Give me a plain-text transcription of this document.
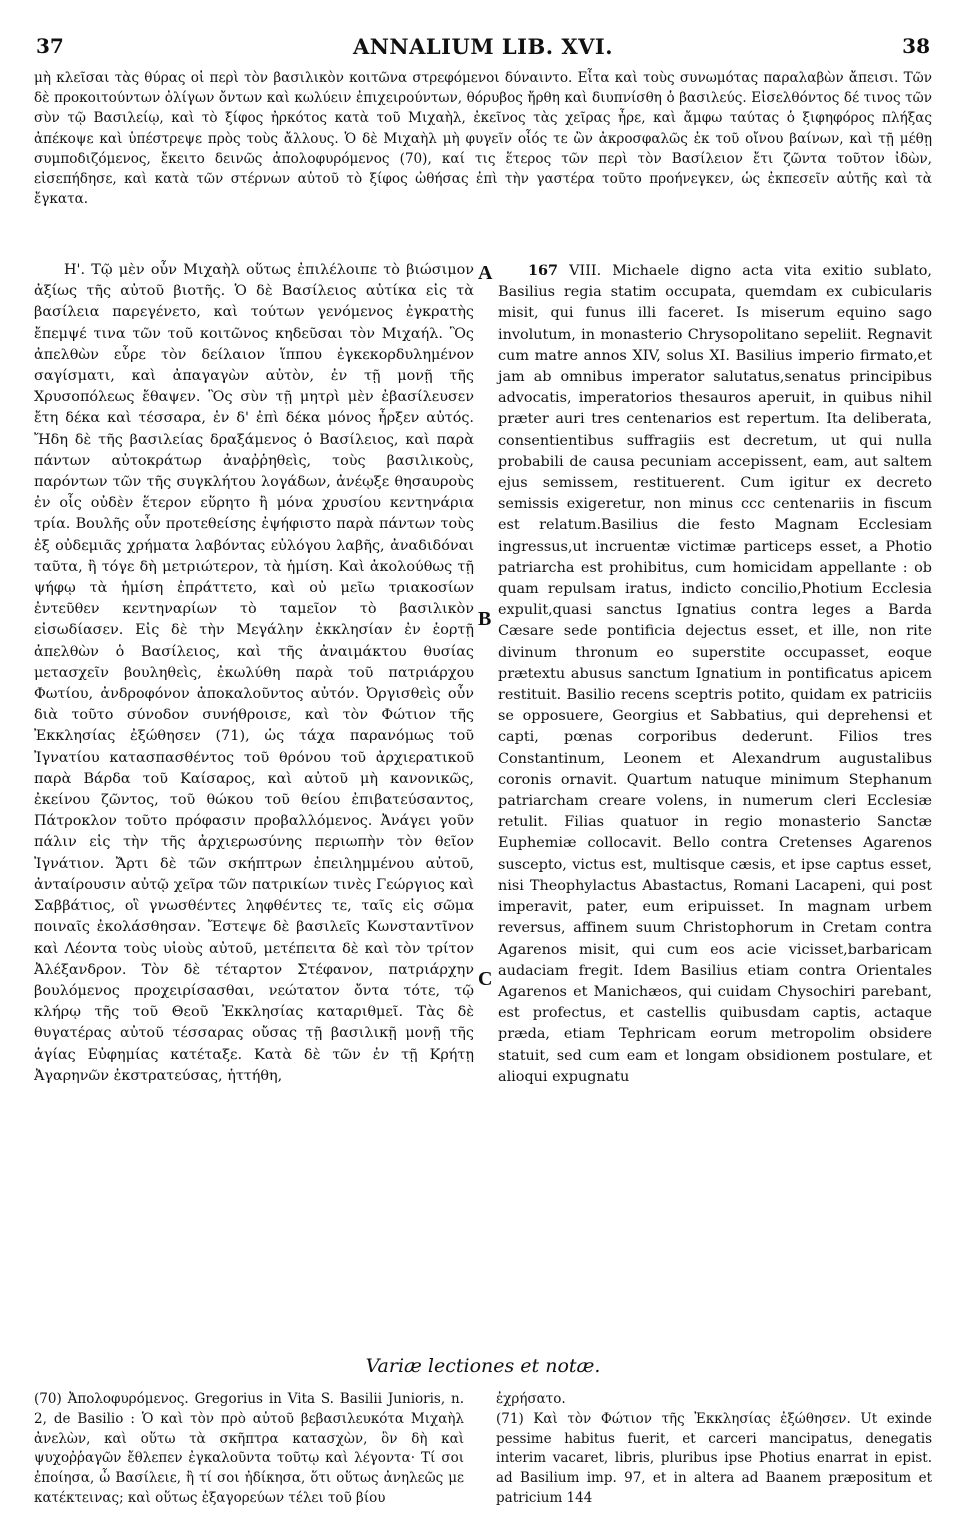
37	ANNALIUM LIB. XVI.	38

μὴ κλεῖσαι τὰς θύρας οἱ περὶ τὸν βασιλικὸν κοιτῶνα στρεφόμενοι δύναιντο. Εἶτα καὶ τοὺς συνωμότας παραλαβὼν ἄπεισι. Τῶν δὲ προκοιτούντων ὀλίγων ὄντων καὶ κωλύειν ἐπιχειρούντων, θόρυβος ἤρθη καὶ διυπνίσθη ὁ βασιλεύς. Εἰσελθόντος δέ τινος τῶν σὺν τῷ Βασιλείῳ, καὶ τὸ ξίφος ἠρκότος κατὰ τοῦ Μιχαὴλ, ἐκεῖνος τὰς χεῖρας ἦρε, καὶ ἄμφω ταύτας ὁ ξιφηφόρος πλήξας ἀπέκοψε καὶ ὑπέστρεψε πρὸς τοὺς ἄλλους. Ὁ δὲ Μιχαὴλ μὴ φυγεῖν οἷός τε ὢν ἀκροσφαλῶς ἐκ τοῦ οἴνου βαίνων, καὶ τῇ μέθῃ συμποδιζόμενος, ἔκειτο δεινῶς ἀπολοφυρόμενος (70), καί τις ἕτερος τῶν περὶ τὸν Βασίλειον ἔτι ζῶντα τοῦτον ἰδὼν, εἰσεπήδησε, καὶ κατὰ τῶν στέρνων αὐτοῦ τὸ ξίφος ὠθήσας ἐπὶ τὴν γαστέρα τοῦτο προήνεγκεν, ὡς ἐκπεσεῖν αὐτῆς καὶ τὰ ἔγκατα.

Η'. Τῷ μὲν οὖν Μιχαὴλ οὕτως ἐπιλέλοιπε τὸ βιώσιμον ἀξίως τῆς αὐτοῦ βιοτῆς. Ὁ δὲ Βασίλειος αὐτίκα εἰς τὰ βασίλεια παρεγένετο, καὶ τούτων γενόμενος ἐγκρατὴς ἔπεμψέ τινα τῶν τοῦ κοιτῶνος κηδεῦσαι τὸν Μιχαήλ. Ὃς ἀπελθὼν εὗρε τὸν δείλαιον ἵππου ἐγκεκορδυλημένον σαγίσματι, καὶ ἀπαγαγὼν αὐτὸν, ἐν τῇ μονῇ τῆς Χρυσοπόλεως ἔθαψεν. Ὃς σὺν τῇ μητρὶ μὲν ἐβασίλευσεν ἔτη δέκα καὶ τέσσαρα, ἐν δ' ἐπὶ δέκα μόνος ἦρξεν αὐτός. Ἤδη δὲ τῆς βασιλείας δραξάμενος ὁ Βασίλειος, καὶ παρὰ πάντων αὐτοκράτωρ ἀναῤῥηθεὶς, τοὺς βασιλικοὺς, παρόντων τῶν τῆς συγκλήτου λογάδων, ἀνέῳξε θησαυροὺς ἐν οἷς οὐδὲν ἕτερον εὕρητο ἢ μόνα χρυσίου κεντηνάρια τρία. Βουλῆς οὖν προτεθείσης ἐψήφιστο παρὰ πάντων τοὺς ἐξ οὐδεμιᾶς χρήματα λαβόντας εὐλόγου λαβῆς, ἀναδιδόναι ταῦτα, ἢ τόγε δὴ μετριώτερον, τὰ ἡμίση. Καὶ ἀκολούθως τῇ ψήφῳ τὰ ἡμίση ἐπράττετο, καὶ οὐ μεῖω τριακοσίων ἐντεῦθεν κεντηναρίων τὸ ταμεῖον τὸ βασιλικὸν εἰσωδίασεν. Εἰς δὲ τὴν Μεγάλην ἐκκλησίαν ἐν ἑορτῇ ἀπελθὼν ὁ Βασίλειος, καὶ τῆς ἀναιμάκτου θυσίας μετασχεῖν βουληθεὶς, ἐκωλύθη παρὰ τοῦ πατριάρχου Φωτίου, ἀνδροφόνον ἀποκαλοῦντος αὐτόν. Ὀργισθεὶς οὖν διὰ τοῦτο σύνοδον συνήθροισε, καὶ τὸν Φώτιον τῆς Ἐκκλησίας ἐξώθησεν (71), ὡς τάχα παρανόμως τοῦ Ἰγνατίου κατασπασθέντος τοῦ θρόνου τοῦ ἀρχιερατικοῦ παρὰ Βάρδα τοῦ Καίσαρος, καὶ αὐτοῦ μὴ κανονικῶς, ἐκείνου ζῶντος, τοῦ θώκου τοῦ θείου ἐπιβατεύσαντος, Πάτροκλον τοῦτο πρόφασιν προβαλλόμενος. Ἀνάγει γοῦν πάλιν εἰς τὴν τῆς ἀρχιερωσύνης περιωπὴν τὸν θεῖον Ἰγνάτιον. Ἄρτι δὲ τῶν σκήπτρων ἐπειλημμένου αὐτοῦ, ἀνταίρουσιν αὐτῷ χεῖρα τῶν πατρικίων τινὲς Γεώργιος καὶ Σαββάτιος, οἳ γνωσθέντες ληφθέντες τε, ταῖς εἰς σῶμα ποιναῖς ἐκολάσθησαν. Ἔστεψε δὲ βασιλεῖς Κωνσταντῖνον καὶ Λέοντα τοὺς υἱοὺς αὐτοῦ, μετέπειτα δὲ καὶ τὸν τρίτον Ἀλέξανδρον. Τὸν δὲ τέταρτον Στέφανον, πατριάρχην βουλόμενος προχειρίσασθαι, νεώτατον ὄντα τότε, τῷ κλήρῳ τῆς τοῦ Θεοῦ Ἐκκλησίας καταριθμεῖ. Τὰς δὲ θυγατέρας αὐτοῦ τέσσαρας οὔσας τῇ βασιλικῇ μονῇ τῆς ἁγίας Εὐφημίας κατέταξε. Κατὰ δὲ τῶν ἐν τῇ Κρήτῃ Ἀγαρηνῶν ἐκστρατεύσας, ἡττήθη,

A
B
C

167 VIII. Michaele digno acta vita exitio sublato, Basilius regia statim occupata, quemdam ex cubicularis misit, qui funus illi faceret. Is miserum equino sago involutum, in monasterio Chrysopolitano sepeliit. Regnavit cum matre annos XIV, solus XI. Basilius imperio firmato,et jam ab omnibus imperator salutatus,senatus principibus advocatis, imperatorios thesauros aperuit, in quibus nihil præter auri tres centenarios est repertum. Ita deliberata, consentientibus suffragiis est decretum, ut qui nulla probabili de causa pecuniam accepissent, eam, aut saltem ejus semissem, restituerent. Cum igitur ex decreto semissis exigeretur, non minus ccc centenariis in fiscum est relatum.Basilius die festo Magnam Ecclesiam ingressus,ut incruentæ victimæ particeps esset, a Photio patriarcha est prohibitus, cum homicidam appellante : ob quam repulsam iratus, indicto concilio,Photium Ecclesia expulit,quasi sanctus Ignatius contra leges a Barda Cæsare sede pontificia dejectus esset, et ille, non rite divinum thronum eo superstite occupasset, eoque prætextu abusus sanctum Ignatium in pontificatus apicem restituit. Basilio recens sceptris potito, quidam ex patriciis se opposuere, Georgius et Sabbatius, qui deprehensi et capti, pœnas corporibus dederunt. Filios tres Constantinum, Leonem et Alexandrum augustalibus coronis ornavit. Quartum natuque minimum Stephanum patriarcham creare volens, in numerum cleri Ecclesiæ retulit. Filias quatuor in regio monasterio Sanctæ Euphemiæ collocavit. Bello contra Cretenses Agarenos suscepto, victus est, multisque cæsis, et ipse captus esset, nisi Theophylactus Abastactus, Romani Lacapeni, qui post imperavit, pater, eum eripuisset. In magnam urbem reversus, affinem suum Christophorum in Cretam contra Agarenos misit, qui cum eos acie vicisset,barbaricam audaciam fregit. Idem Basilius etiam contra Orientales Agarenos et Manichæos, qui cuidam Chysochiri parebant, est profectus, et castellis quibusdam captis, actaque præda, etiam Tephricam eorum metropolim obsidere statuit, sed cum eam et longam obsidionem postulare, et alioqui expugnatu

Variæ lectiones et notæ.

(70) Ἀπολοφυρόμενος. Gregorius in Vita S. Basilii Junioris, n. 2, de Basilio : Ὁ καὶ τὸν πρὸ αὐτοῦ βεβασιλευκότα Μιχαὴλ ἀνελὼν, καὶ οὕτω τὰ σκῆπτρα κατασχὼν, ὃν δὴ καὶ ψυχοῤῥαγῶν ἔθλεπεν ἐγκαλοῦντα τοῦτῳ καὶ λέγοντα· Τί σοι ἐποίησα, ὦ Βασίλειε, ἢ τί σοι ἠδίκησα, ὅτι οὕτως ἀνηλεῶς με κατέκτεινας; καὶ οὕτως ἐξαγορεύων τέλει τοῦ βίου

ἐχρήσατο.

(71) Καὶ τὸν Φώτιον τῆς Ἐκκλησίας ἐξώθησεν. Ut exinde pessime habitus fuerit, et carceri mancipatus, denegatis interim vacaret, libris, pluribus ipse Photius enarrat in epist. ad Basilium imp. 97, et in altera ad Baanem præpositum et patricium 144
